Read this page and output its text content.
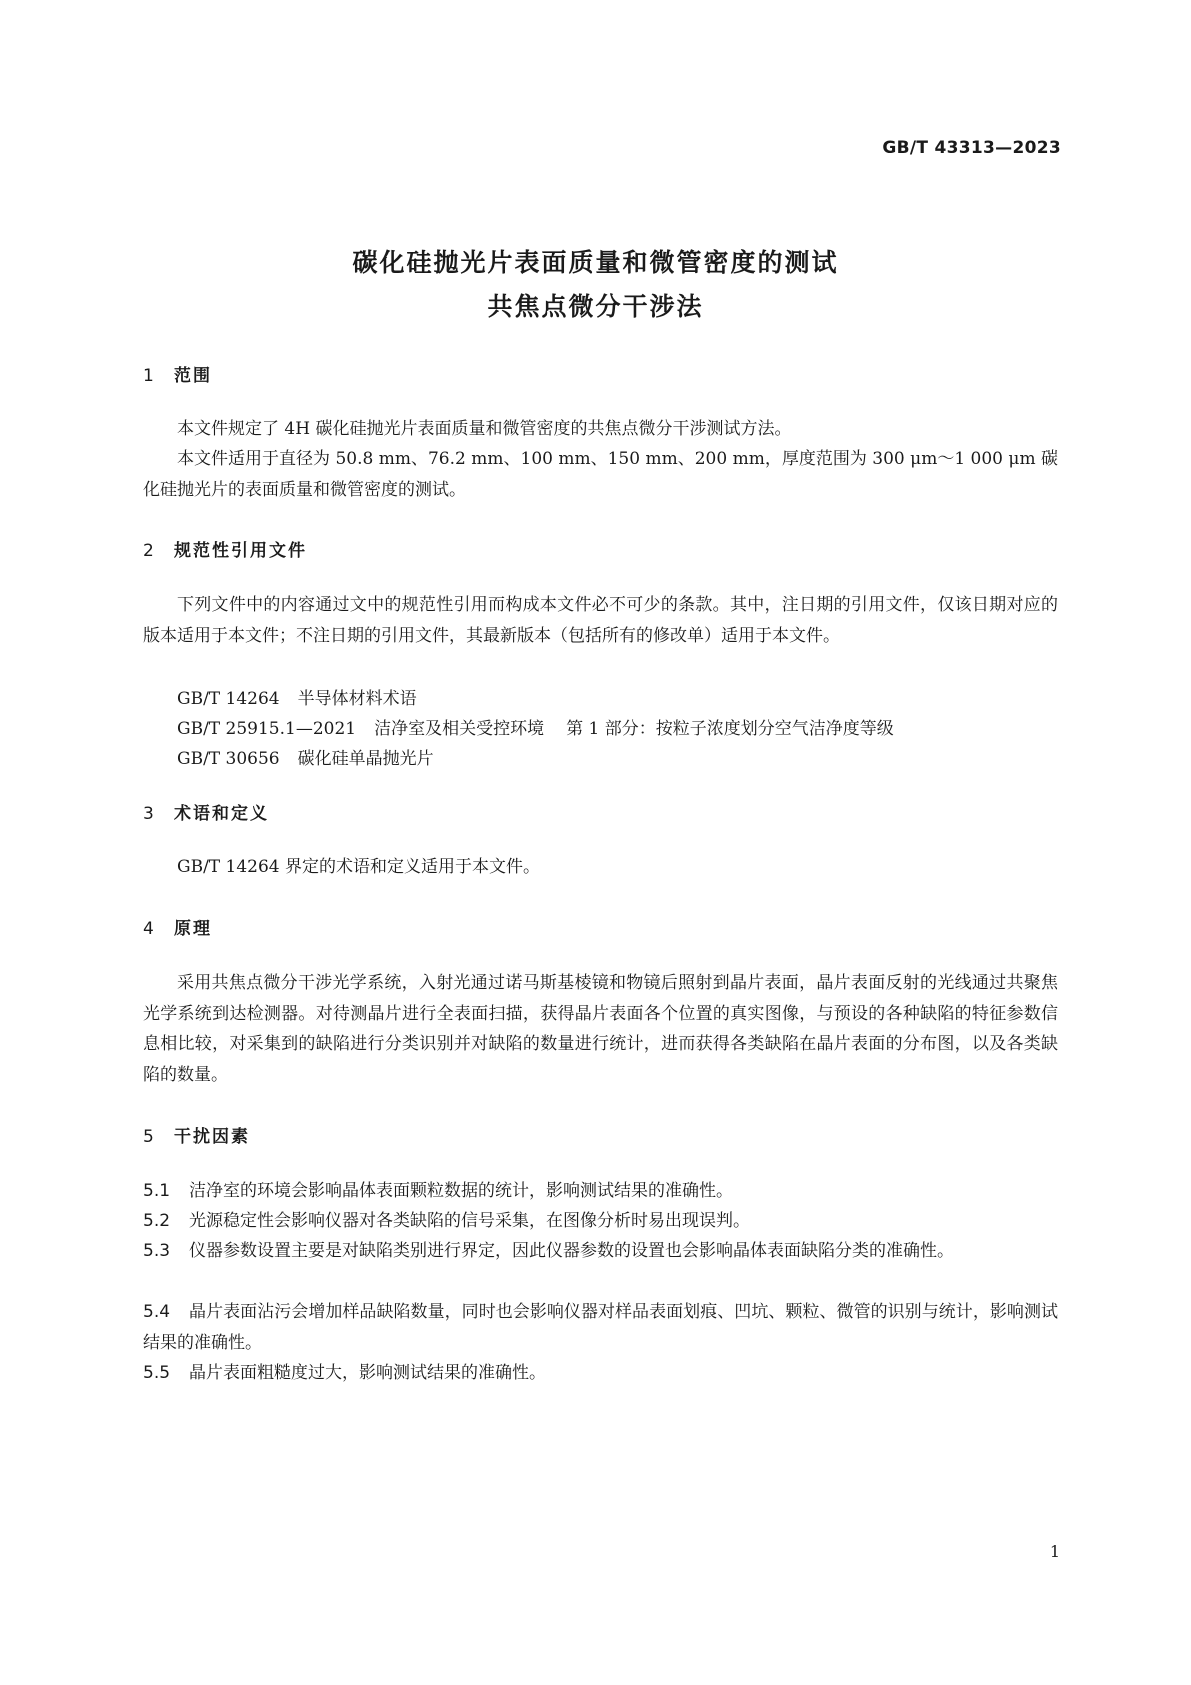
GB/T 43313—2023
碳化硅抛光片表面质量和微管密度的测试
共焦点微分干涉法
1 范围
本文件规定了 4H 碳化硅抛光片表面质量和微管密度的共焦点微分干涉测试方法。
本文件适用于直径为 50.8 mm、76.2 mm、100 mm、150 mm、200 mm，厚度范围为 300 μm～1 000 μm 碳化硅抛光片的表面质量和微管密度的测试。
2 规范性引用文件
下列文件中的内容通过文中的规范性引用而构成本文件必不可少的条款。其中，注日期的引用文件，仅该日期对应的版本适用于本文件；不注日期的引用文件，其最新版本（包括所有的修改单）适用于本文件。
GB/T 14264 半导体材料术语
GB/T 25915.1—2021 洁净室及相关受控环境 第 1 部分：按粒子浓度划分空气洁净度等级
GB/T 30656 碳化硅单晶抛光片
3 术语和定义
GB/T 14264 界定的术语和定义适用于本文件。
4 原理
采用共焦点微分干涉光学系统，入射光通过诺马斯基棱镜和物镜后照射到晶片表面，晶片表面反射的光线通过共聚焦光学系统到达检测器。对待测晶片进行全表面扫描，获得晶片表面各个位置的真实图像，与预设的各种缺陷的特征参数信息相比较，对采集到的缺陷进行分类识别并对缺陷的数量进行统计，进而获得各类缺陷在晶片表面的分布图，以及各类缺陷的数量。
5 干扰因素
5.1 洁净室的环境会影响晶体表面颗粒数据的统计，影响测试结果的准确性。
5.2 光源稳定性会影响仪器对各类缺陷的信号采集，在图像分析时易出现误判。
5.3 仪器参数设置主要是对缺陷类别进行界定，因此仪器参数的设置也会影响晶体表面缺陷分类的准确性。
5.4 晶片表面沾污会增加样品缺陷数量，同时也会影响仪器对样品表面划痕、凹坑、颗粒、微管的识别与统计，影响测试结果的准确性。
5.5 晶片表面粗糙度过大，影响测试结果的准确性。
1
